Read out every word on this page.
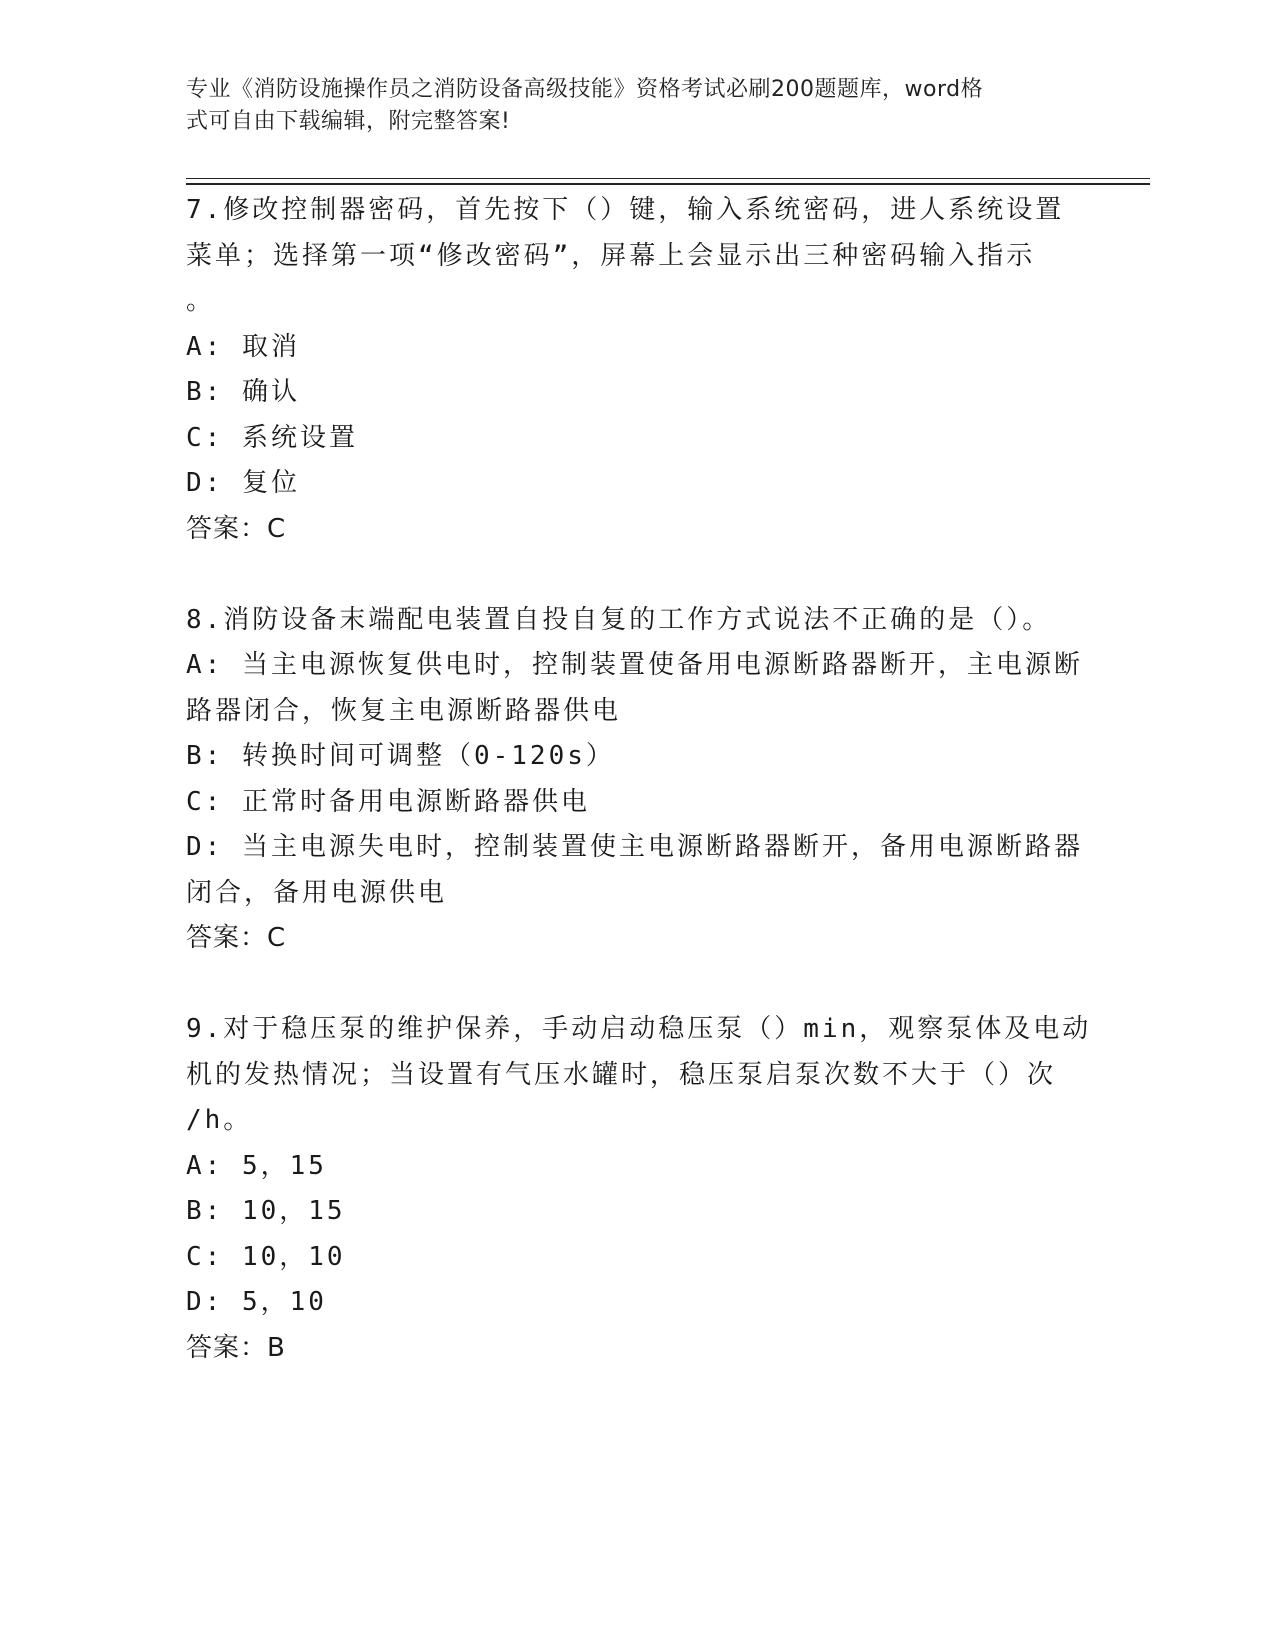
专业《消防设施操作员之消防设备高级技能》资格考试必刷200题题库，word格
式可自由下载编辑，附完整答案!
7.修改控制器密码，首先按下（）键，输入系统密码，进人系统设置
菜单；选择第一项“修改密码”，屏幕上会显示出三种密码输入指示
。
A: 取消
B: 确认
C: 系统设置
D: 复位
答案：C
8.消防设备末端配电装置自投自复的工作方式说法不正确的是（）。
A: 当主电源恢复供电时，控制装置使备用电源断路器断开，主电源断
路器闭合，恢复主电源断路器供电
B: 转换时间可调整（0-120s）
C: 正常时备用电源断路器供电
D: 当主电源失电时，控制装置使主电源断路器断开，备用电源断路器
闭合，备用电源供电
答案：C
9.对于稳压泵的维护保养，手动启动稳压泵（）min，观察泵体及电动
机的发热情况；当设置有气压水罐时，稳压泵启泵次数不大于（）次
/h。
A: 5，15
B: 10，15
C: 10，10
D: 5，10
答案：B
